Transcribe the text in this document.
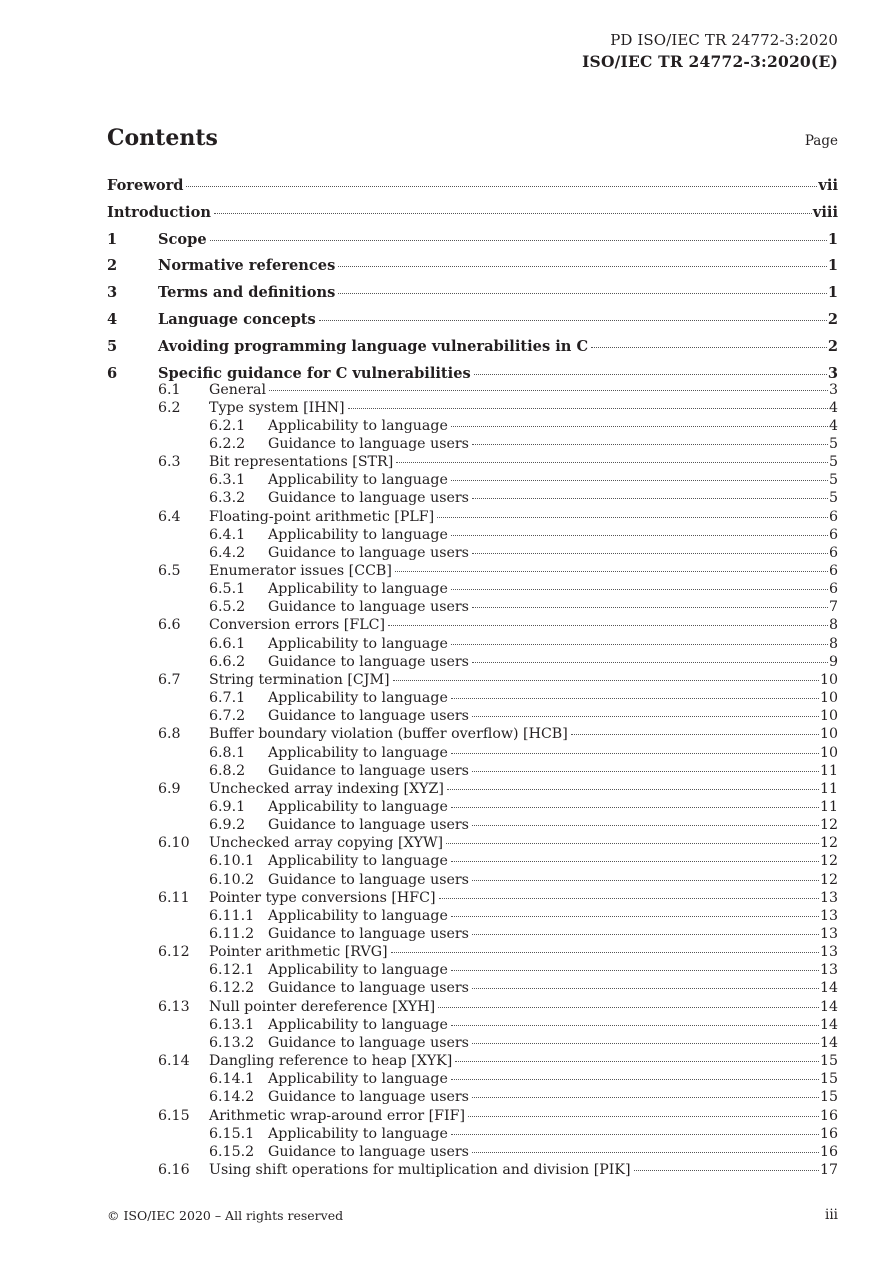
PD ISO/IEC TR 24772-3:2020
ISO/IEC TR 24772-3:2020(E)
Contents	Page
Foreword	vii
Introduction	viii
1	Scope	1
2	Normative references	1
3	Terms and definitions	1
4	Language concepts	2
5	Avoiding programming language vulnerabilities in C	2
6	Specific guidance for C vulnerabilities	3
6.1	General	3
6.2	Type system [IHN]	4
6.2.1	Applicability to language	4
6.2.2	Guidance to language users	5
6.3	Bit representations [STR]	5
6.3.1	Applicability to language	5
6.3.2	Guidance to language users	5
6.4	Floating-point arithmetic [PLF]	6
6.4.1	Applicability to language	6
6.4.2	Guidance to language users	6
6.5	Enumerator issues [CCB]	6
6.5.1	Applicability to language	6
6.5.2	Guidance to language users	7
6.6	Conversion errors [FLC]	8
6.6.1	Applicability to language	8
6.6.2	Guidance to language users	9
6.7	String termination [CJM]	10
6.7.1	Applicability to language	10
6.7.2	Guidance to language users	10
6.8	Buffer boundary violation (buffer overflow) [HCB]	10
6.8.1	Applicability to language	10
6.8.2	Guidance to language users	11
6.9	Unchecked array indexing [XYZ]	11
6.9.1	Applicability to language	11
6.9.2	Guidance to language users	12
6.10	Unchecked array copying [XYW]	12
6.10.1 Applicability to language	12
6.10.2 Guidance to language users	12
6.11	Pointer type conversions [HFC]	13
6.11.1 Applicability to language	13
6.11.2 Guidance to language users	13
6.12	Pointer arithmetic [RVG]	13
6.12.1 Applicability to language	13
6.12.2 Guidance to language users	14
6.13	Null pointer dereference [XYH]	14
6.13.1 Applicability to language	14
6.13.2 Guidance to language users	14
6.14	Dangling reference to heap [XYK]	15
6.14.1 Applicability to language	15
6.14.2 Guidance to language users	15
6.15	Arithmetic wrap-around error [FIF]	16
6.15.1 Applicability to language	16
6.15.2 Guidance to language users	16
6.16	Using shift operations for multiplication and division [PIK]	17
© ISO/IEC 2020 – All rights reserved	iii
